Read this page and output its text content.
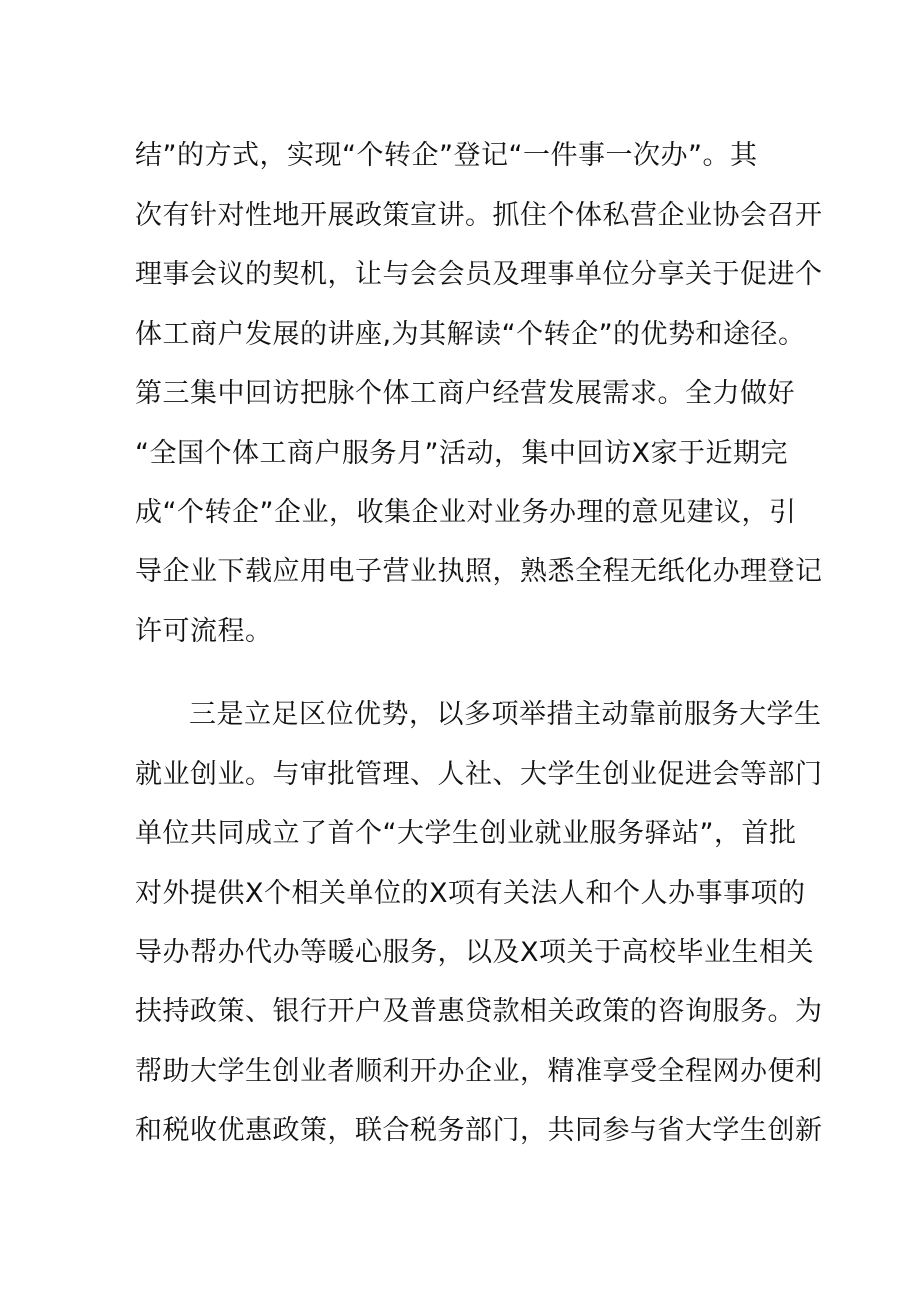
结”的方式，实现“个转企”登记“一件事一次办”。其
次有针对性地开展政策宣讲。抓住个体私营企业协会召开
理事会议的契机，让与会会员及理事单位分享关于促进个
体工商户发展的讲座,为其解读“个转企”的优势和途径。
第三集中回访把脉个体工商户经营发展需求。全力做好
“全国个体工商户服务月”活动，集中回访X家于近期完
成“个转企”企业，收集企业对业务办理的意见建议，引
导企业下载应用电子营业执照，熟悉全程无纸化办理登记
许可流程。
三是立足区位优势，以多项举措主动靠前服务大学生
就业创业。与审批管理、人社、大学生创业促进会等部门
单位共同成立了首个“大学生创业就业服务驿站”，首批
对外提供X个相关单位的X项有关法人和个人办事事项的
导办帮办代办等暖心服务，以及X项关于高校毕业生相关
扶持政策、银行开户及普惠贷款相关政策的咨询服务。为
帮助大学生创业者顺利开办企业，精准享受全程网办便利
和税收优惠政策，联合税务部门，共同参与省大学生创新
